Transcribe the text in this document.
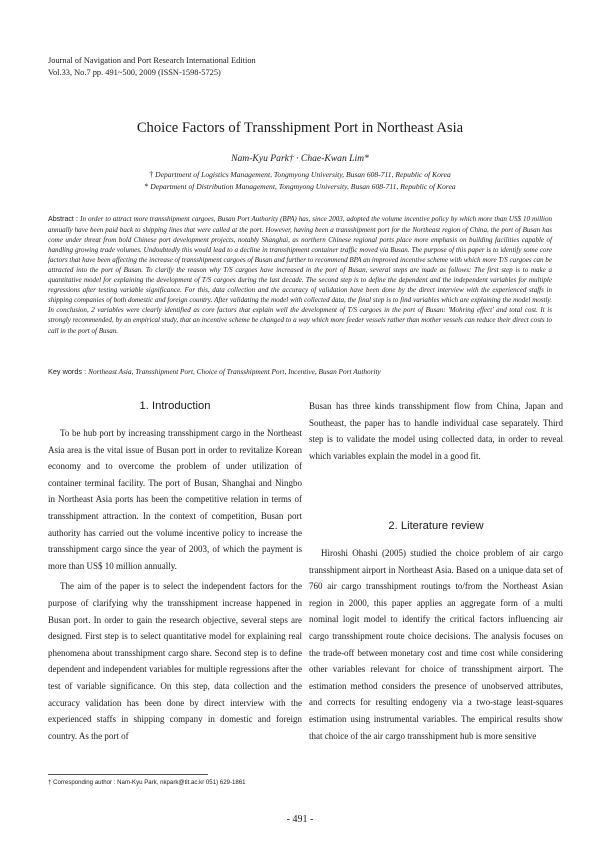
Journal of Navigation and Port Research International Edition
Vol.33, No.7 pp. 491~500, 2009 (ISSN-1598-5725)
Choice Factors of Transshipment Port in Northeast Asia
Nam-Kyu Park† · Chae-Kwan Lim*
† Department of Logistics Management, Tongmyong University, Busan 608-711, Republic of Korea
* Department of Distribution Management, Tongmyong University, Busan 608-711, Republic of Korea
Abstract : In order to attract more transshipment cargoes, Busan Port Authority (BPA) has, since 2003, adopted the volume incentive policy by which more than US$ 10 million annually have been paid back to shipping lines that were called at the port. However, having been a transshipment port for the Northeast region of China, the port of Busan has come under threat from bold Chinese port development projects, notably Shanghai, as northern Chinese regional ports place more emphasis on building facilities capable of handling growing trade volumes. Undoubtedly this would lead to a decline in transshipment container traffic moved via Busan. The purpose of this paper is to identify some core factors that have been affecting the increase of transshipment cargoes of Busan and further to recommend BPA an improved incentive scheme with which more T/S cargoes can be attracted into the port of Busan. To clarify the reason why T/S cargoes have increased in the port of Busan, several steps are made as follows: The first step is to make a quantitative model for explaining the development of T/S cargoes during the last decade. The second step is to define the dependent and the independent variables for multiple regressions after testing variable significance. For this, data collection and the accuracy of validation have been done by the direct interview with the experienced staffs in shipping companies of both domestic and foreign country. After validating the model with collected data, the final step is to find variables which are explaining the model mostly. In conclusion, 2 variables were clearly identified as core factors that explain well the development of T/S cargoes in the port of Busan: 'Mohring effect' and total cost. It is strongly recommended, by an empirical study, that an incentive scheme be changed to a way which more feeder vessels rather than mother vessels can reduce their direct costs to call in the port of Busan.
Key words : Northeast Asia, Transshipment Port, Choice of Transshipment Port, Incentive, Busan Port Authority
1. Introduction

To be hub port by increasing transshipment cargo in the Northeast Asia area is the vital issue of Busan port in order to revitalize Korean economy and to overcome the problem of under utilization of container terminal facility. The port of Busan, Shanghai and Ningbo in Northeast Asia ports has been the competitive relation in terms of transshipment attraction. In the context of competition, Busan port authority has carried out the volume incentive policy to increase the transshipment cargo since the year of 2003, of which the payment is more than US$ 10 million annually.

The aim of the paper is to select the independent factors for the purpose of clarifying why the transshipment increase happened in Busan port. In order to gain the research objective, several steps are designed. First step is to select quantitative model for explaining real phenomena about transshipment cargo share. Second step is to define dependent and independent variables for multiple regressions after the test of variable significance. On this step, data collection and the accuracy validation has been done by direct interview with the experienced staffs in shipping company in domestic and foreign country. As the port of

Busan has three kinds transshipment flow from China, Japan and Southeast, the paper has to handle individual case separately. Third step is to validate the model using collected data, in order to reveal which variables explain the model in a good fit.

2. Literature review

Hiroshi Ohashi (2005) studied the choice problem of air cargo transshipment airport in Northeast Asia. Based on a unique data set of 760 air cargo transshipment routings to/from the Northeast Asian region in 2000, this paper applies an aggregate form of a multi nominal logit model to identify the critical factors influencing air cargo transshipment route choice decisions. The analysis focuses on the trade-off between monetary cost and time cost while considering other variables relevant for choice of transshipment airport. The estimation method considers the presence of unobserved attributes, and corrects for resulting endogeny via a two-stage least-squares estimation using instrumental variables. The empirical results show that choice of the air cargo transshipment hub is more sensitive

† Corresponding author : Nam-Kyu Park, nkpark@tit.ac.kr 051) 629-1861
- 491 -
